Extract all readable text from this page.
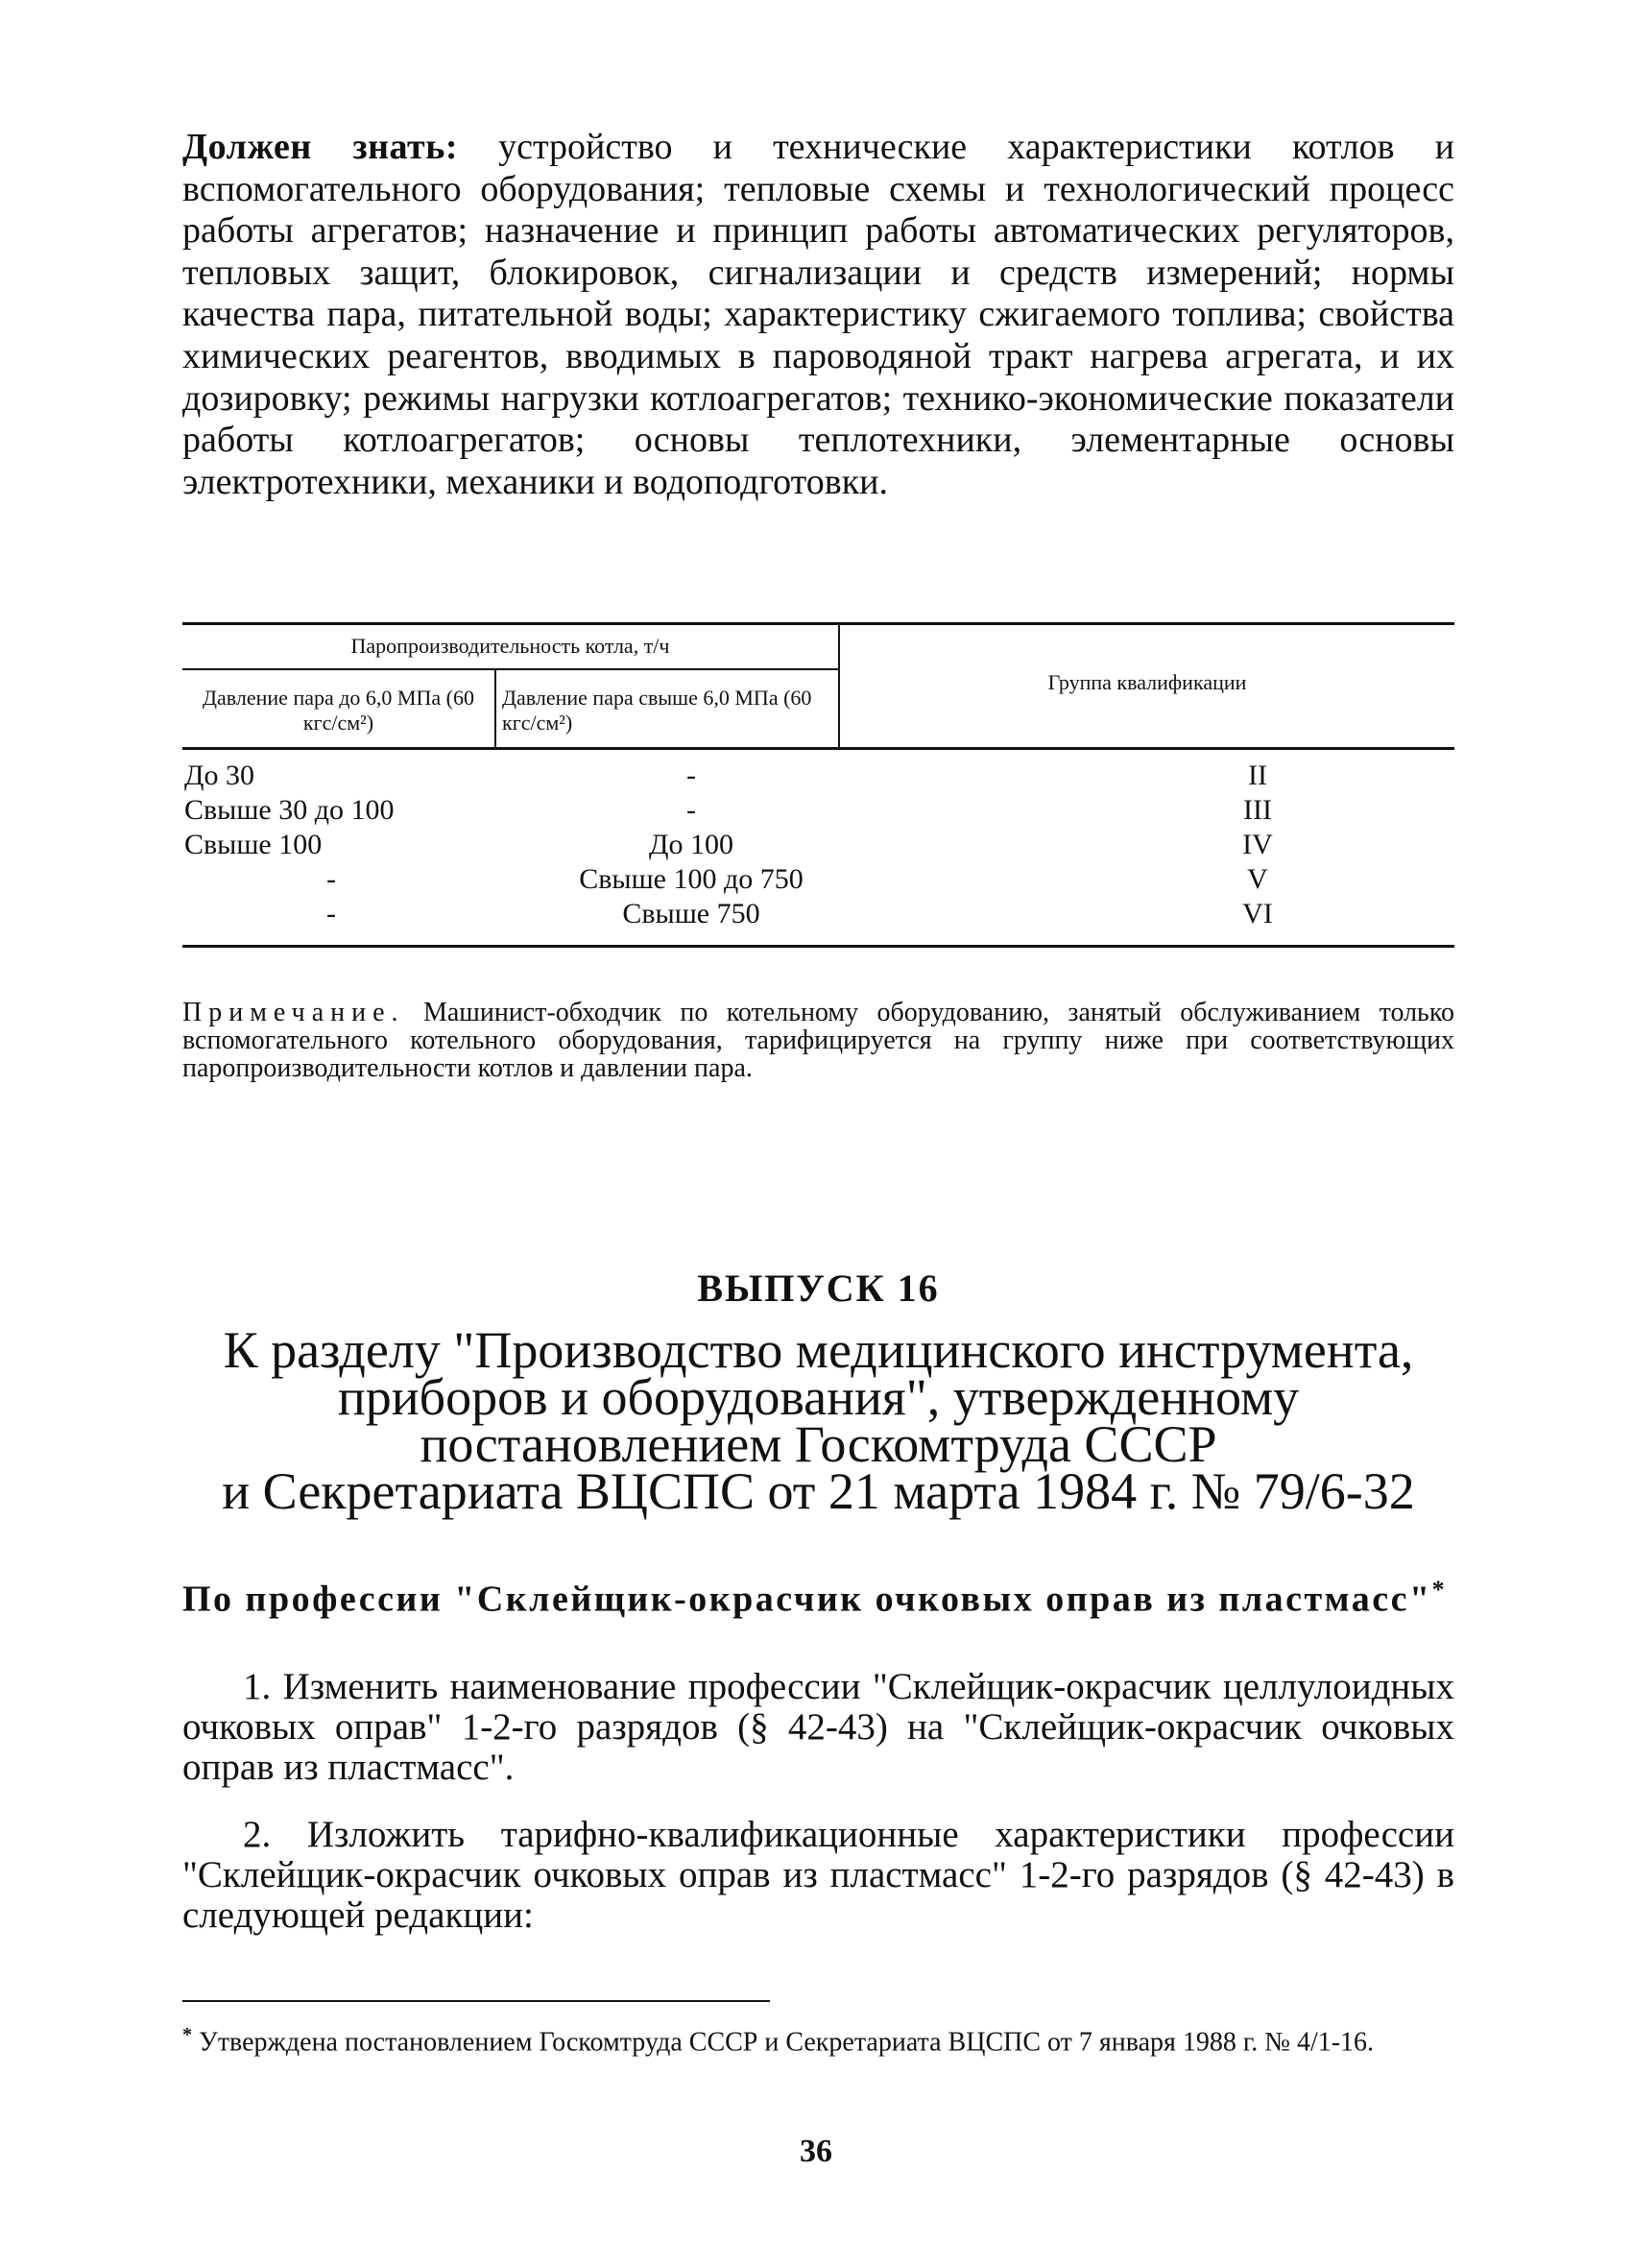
Должен знать: устройство и технические характеристики котлов и вспомогательного оборудования; тепловые схемы и технологический процесс работы агрегатов; назначение и принцип работы автоматических регуляторов, тепловых защит, блокировок, сигнализации и средств измерений; нормы качества пара, питательной воды; характеристику сжигаемого топлива; свойства химических реагентов, вводимых в пароводяной тракт нагрева агрегата, и их дозировку; режимы нагрузки котлоагрегатов; технико-экономические показатели работы котлоагрегатов; основы теплотехники, элементарные основы электротехники, механики и водоподготовки.
Паропроизводительность котла, т/ч
Давление пара до 6,0 МПа (60 кгс/см²)
Давление пара свыше 6,0 МПа (60 кгс/см²)
Группа квалификации
До 30	-	II
Свыше 30 до 100	-	III
Свыше 100	До 100	IV
-	Свыше 100 до 750	V
-	Свыше 750	VI
Примечание. Машинист-обходчик по котельному оборудованию, занятый обслуживанием только вспомогательного котельного оборудования, тарифицируется на группу ниже при соответствующих паропроизводительности котлов и давлении пара.
ВЫПУСК 16
К разделу "Производство медицинского инструмента,
приборов и оборудования", утвержденному
постановлением Госкомтруда СССР
и Секретариата ВЦСПС от 21 марта 1984 г. № 79/6-32
По профессии "Склейщик-окрасчик очковых оправ из пластмасс"*
1. Изменить наименование профессии "Склейщик-окрасчик целлулоидных очковых оправ" 1-2-го разрядов (§ 42-43) на "Склейщик-окрасчик очковых оправ из пластмасс".
2. Изложить тарифно-квалификационные характеристики профессии "Склейщик-окрасчик очковых оправ из пластмасс" 1-2-го разрядов (§ 42-43) в следующей редакции:
* Утверждена постановлением Госкомтруда СССР и Секретариата ВЦСПС от 7 января 1988 г. № 4/1-16.
36
